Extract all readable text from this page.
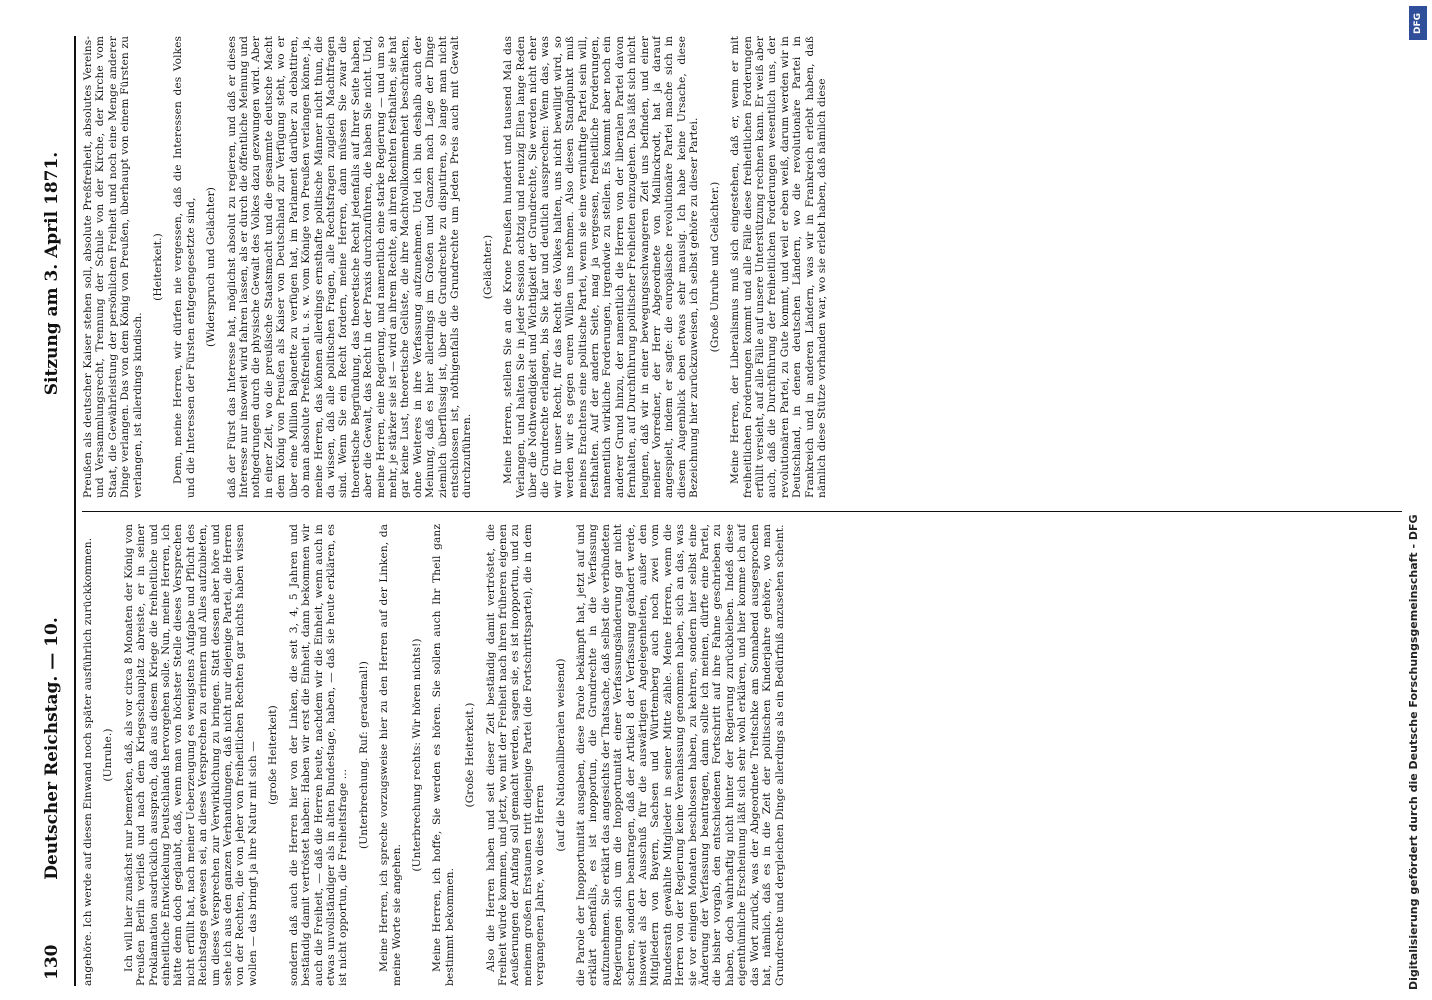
130
Deutscher Reichstag. — 10.
Sitzung am 3. April 1871.

angehöre. Ich werde auf diesen Einwand noch später ausführlich zurückkommen. (Unruhe.) Ich will hier zunächst nur bemerken, daß, als vor circa 8 Monaten der König von Preußen Berlin verließ und nach dem Kriegsschauplatz abreiste, er in seiner Proklamation ausdrücklich aussprach, daß aus diesem Kriege die freiheitliche und einheitliche Entwickelung Deutschlands hervorgehen solle. Nun, meine Herren, ich hätte denn doch geglaubt, daß, wenn man von höchster Stelle dieses Versprechen nicht erfüllt hat, nach meiner Ueberzeugung es wenigstens Aufgabe und Pflicht des Reichstages gewesen sei, an dieses Versprechen zu erinnern und Alles aufzubieten, um dieses Versprechen zur Verwirklichung zu bringen. Statt dessen aber höre und sehe ich aus den ganzen Verhandlungen, daß nicht nur diejenige Partei, die Herren von der Rechten, die von jeher von freiheitlichen Rechten gar nichts haben wissen wollen — das bringt ja ihre Natur mit sich — (große Heiterkeit) sondern daß auch die Herren hier von der Linken, die seit 3, 4, 5 Jahren und beständig damit vertröstet haben: Haben wir erst die Einheit, dann bekommen wir auch die Freiheit, — daß die Herren heute, nachdem wir die Einheit, wenn auch in etwas unvollständiger als in alten Bundestage, haben, — daß sie heute erklären, es ist nicht opportun, die Freiheitsfrage ...

(Unterbrechung. Ruf: gerademal!) Meine Herren, ich spreche vorzugsweise hier zu den Herren auf der Linken, da meine Worte sie angehen.

(Unterbrechung rechts: Wir hören nichts!) Meine Herren, ich hoffe, Sie werden es hören. Sie sollen auch Ihr Theil ganz bestimmt bekommen.

(Große Heiterkeit.) Also die Herren haben und seit dieser Zeit beständig damit vertröstet, die Freiheit würde kommen, und jetzt, wo mit der Freiheit nach ihren früheren eigenen Aeußerungen der Anfang soll gemacht werden, sagen sie, es ist inopportun, und zu meinem großen Erstaunen tritt diejenige Partei (die Fortschrittspartei), die in dem vergangenen Jahre, wo diese Herren

(auf die Nationalliberalen weisend) die Parole der Inopportunität ausgaben, diese Parole bekämpft hat, jetzt auf und erklärt ebenfalls, es ist inopportun, die Grundrechte in die Verfassung aufzunehmen. Sie erklärt das angesichts der Thatsache, daß selbst die verbündeten Regierungen sich um die Inopportunität einer Verfassungsänderung gar nicht scheren, sondern beantragen, daß der Artikel 8 der Verfassung geändert werde, insoweit als der Ausschuß für die auswärtigen Angelegenheiten, außer den Mitgliedern von Bayern, Sachsen und Württemberg auch noch zwei vom Bundesrath gewählte Mitglieder in seiner Mitte zähle. Meine Herren, wenn die Herren von der Regierung keine Veranlassung genommen haben, sich an das, was sie vor einigen Monaten beschlossen haben, zu kehren, sondern hier selbst eine Änderung der Verfassung beantragen, dann sollte ich meinen, dürfte eine Partei, die bisher vorgab, den entschiedenen Fortschritt auf ihre Fahne geschrieben zu haben, doch wahrhaftig nicht hinter der Regierung zurückbleiben. Indeß diese eigenthümliche Erscheinung läßt sich sehr wohl erklären, und hier komme ich auf das Wort zurück, was der Abgeordnete Treitschke am Sonnabend ausgesprochen hat, nämlich, daß es in die Zeit der politischen Kinderjahre gehöre, wo man Grundrechte und dergleichen Dinge allerdings als ein Bedürfniß anzusehen scheint.

Preußen als deutscher Kaiser stehen soll, absolute Preßfreiheit, absolutes Vereins- und Versammlungsrecht, Trennung der Schule von der Kirche, der Kirche vom Staat, die Gewährleistung der persönlichen Freiheit und noch eine Menge anderer Dinge verlangen. Das von dem König von Preußen, überhaupt von einem Fürsten zu verlangen, ist allerdings kindisch.

(Heiterkeit.) Denn, meine Herren, wir dürfen nie vergessen, daß die Interessen des Volkes und die Interessen der Fürsten entgegengesetzte sind, (Widerspruch und Gelächter) daß der Fürst das Interesse hat, möglichst absolut zu regieren, und daß er dieses Interesse nur insoweit wird fahren lassen, als er durch die öffentliche Meinung und nothgedrungen durch die physische Gewalt des Volkes dazu gezwungen wird. Aber in einer Zeit, wo die preußische Staatsmacht und die gesammte deutsche Macht dem König von Preußen als Kaiser von Deutschland zur Verfügung steht, wo er über eine Million Bajonette zu verfügen hat, im Parlament darüber zu debattiren, ob man absolute Preßfreiheit u. s. w. vom Könige von Preußen verlangen könne, ja, meine Herren, das können allerdings ernsthafte politische Männer nicht thun, die da wissen, daß alle politischen Fragen, alle Rechtsfragen zugleich Machtfragen sind. Wenn Sie ein Recht fordern, meine Herren, dann müssen Sie zwar die theoretische Begründung, das theoretische Recht jedenfalls auf Ihrer Seite haben, aber die Gewalt, das Recht in der Praxis durchzuführen, die haben Sie nicht. Und, meine Herren, eine Regierung, und namentlich eine starke Regierung — und um so mehr, je stärker sie ist — wird an ihrem Rechte, an ihren Rechten festhalten, sie hat gar keine Lust, theoretische Gelüste, die ihre Machtvollkommenheit beschränken, ohne Weiteres in ihre Verfassung aufzunehmen. Und ich bin deshalb auch der Meinung, daß es hier allerdings im Großen und Ganzen nach Lage der Dinge ziemlich überflüssig ist, über die Grundrechte zu disputiren, so lange man nicht entschlossen ist, nöthigenfalls die Grundrechte um jeden Preis auch mit Gewalt durchzuführen.

(Gelächter.) Meine Herren, stellen Sie an die Krone Preußen hundert und tausend Mal das Verlangen, und halten Sie in jeder Session achtzig und neunzig Ellen lange Reden über die Nothwendigkeit und Wichtigkeit der Grundrechte, Sie werden nicht eher die Grundrechte erlangen, bis Sie klar und deutlich aussprechen: Wenn das, was wir für unser Recht, für das Recht des Volkes halten, uns nicht bewilligt wird, so werden wir es gegen euren Willen uns nehmen. Also diesen Standpunkt muß meines Erachtens eine politische Partei, wenn sie eine vernünftige Partei sein will, festhalten. Auf der andern Seite, mag ja vergessen, freiheitliche Forderungen, namentlich wirkliche Forderungen, irgendwie zu stellen. Es kommt aber noch ein anderer Grund hinzu, der namentlich die Herren von der liberalen Partei davon fernhalten, auf Durchführung politischer Freiheiten einzugehen. Das läßt sich nicht leugnen, daß wir in einer bewegungsschwangeren Zeit uns befinden, und einer meiner Vorredner, der Herr Abgeordnete von Mallinckrodt, hat ja darauf angespielt, indem er sagte: die europäische revolutionäre Partei mache sich in diesem Augenblick eben etwas sehr mausig. Ich habe keine Ursache, diese Bezeichnung hier zurückzuweisen, ich selbst gehöre zu dieser Partei. (Große Unruhe und Gelächter.) Meine Herren, der Liberalismus muß sich eingestehen, daß er, wenn er mit freiheitlichen Forderungen kommt und alle Fälle diese freiheitlichen Forderungen erfüllt versieht, auf alle Fälle auf unsere Unterstützung rechnen kann. Er weiß aber auch, daß die Durchführung der freiheitlichen Forderungen wesentlich uns, der revolutionären Partei, zu Gute kommt, und weil er eben weiß, darum werden wir in Deutschland, in denen deutschen Ländern, wo die revolutionäre Partei in Frankreich und in anderen Ländern, was wir in Frankreich erlebt haben, daß nämlich diese Stütze vorhanden war, wo sie erlebt haben, daß nämlich diese

DFG
Digitalisierung gefördert durch die Deutsche Forschungsgemeinschaft - DFG
